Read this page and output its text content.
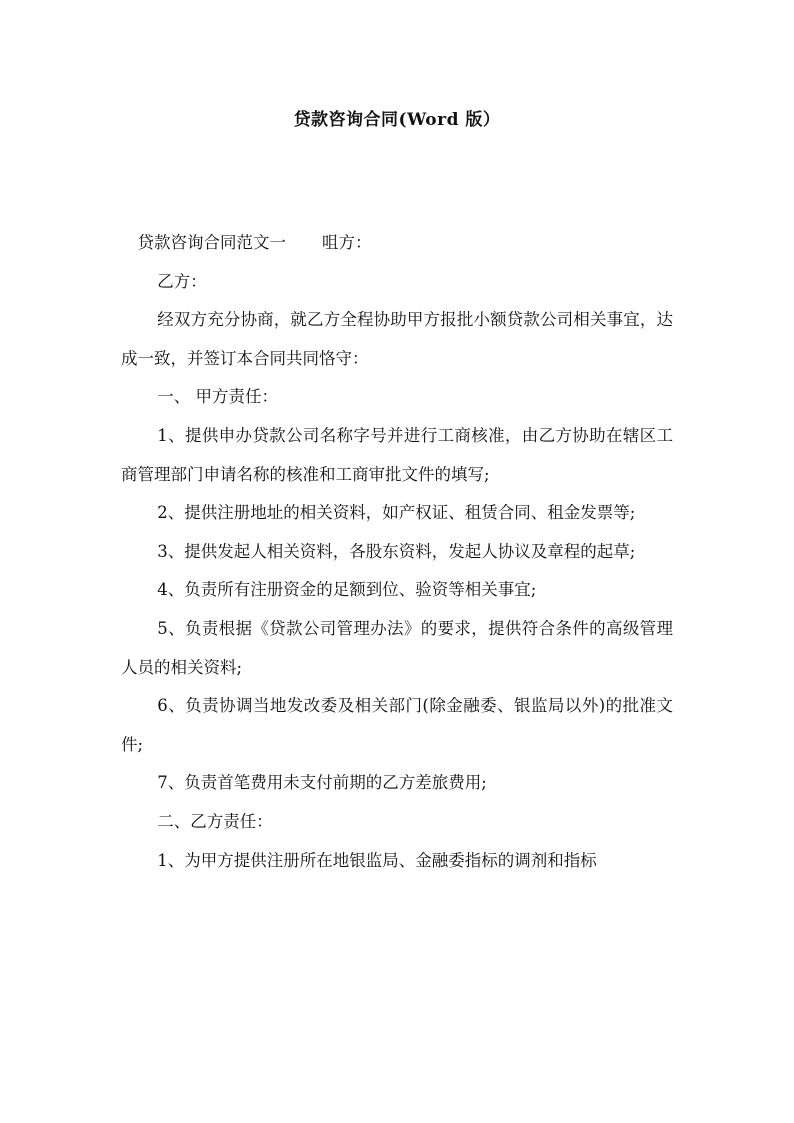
贷款咨询合同(Word 版）

贷款咨询合同范文一 咀方：

乙方：

经双方充分协商，就乙方全程协助甲方报批小额贷款公司相关事宜，达成一致，并签订本合同共同恪守：

一、 甲方责任：

1、提供申办贷款公司名称字号并进行工商核准，由乙方协助在辖区工商管理部门申请名称的核准和工商审批文件的填写;

2、提供注册地址的相关资料，如产权证、租赁合同、租金发票等;

3、提供发起人相关资料，各股东资料，发起人协议及章程的起草;

4、负责所有注册资金的足额到位、验资等相关事宜;

5、负责根据《贷款公司管理办法》的要求，提供符合条件的高级管理人员的相关资料;

6、负责协调当地发改委及相关部门(除金融委、银监局以外)的批准文件;

7、负责首笔费用未支付前期的乙方差旅费用;

二、乙方责任：

1、为甲方提供注册所在地银监局、金融委指标的调剂和指标
